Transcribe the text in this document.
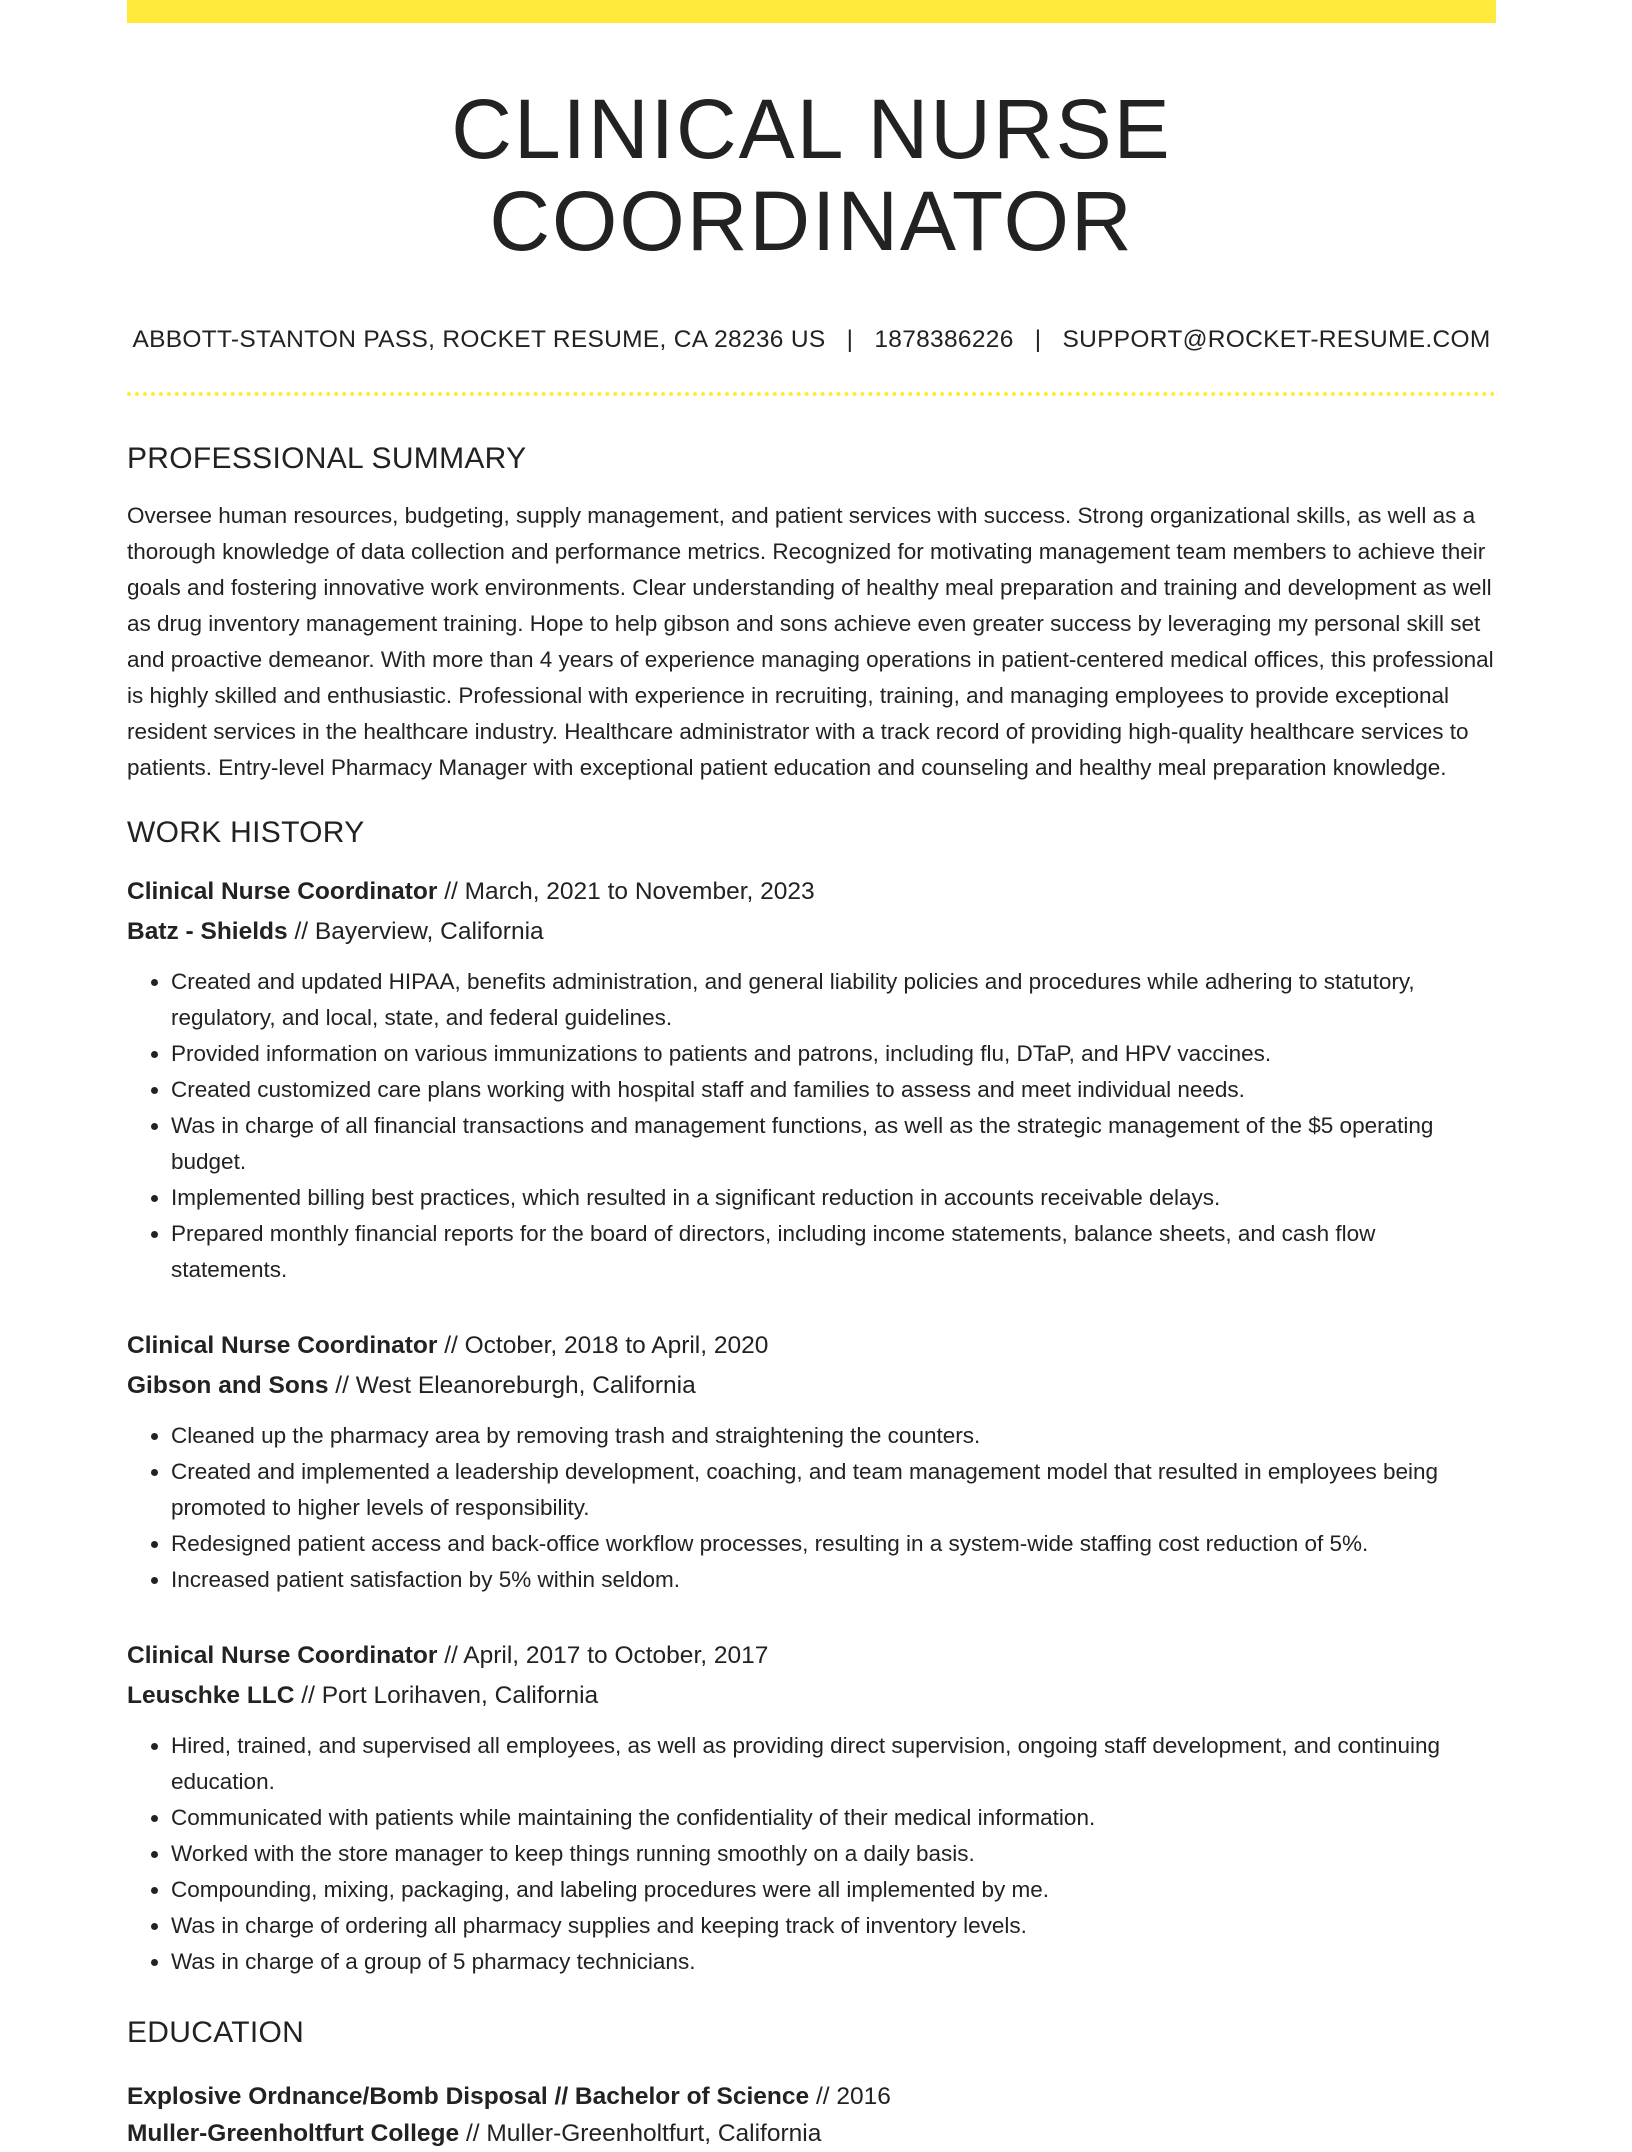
CLINICAL NURSE COORDINATOR
ABBOTT-STANTON PASS, ROCKET RESUME, CA 28236 US | 1878386226 | SUPPORT@ROCKET-RESUME.COM
PROFESSIONAL SUMMARY
Oversee human resources, budgeting, supply management, and patient services with success. Strong organizational skills, as well as a thorough knowledge of data collection and performance metrics. Recognized for motivating management team members to achieve their goals and fostering innovative work environments. Clear understanding of healthy meal preparation and training and development as well as drug inventory management training. Hope to help gibson and sons achieve even greater success by leveraging my personal skill set and proactive demeanor. With more than 4 years of experience managing operations in patient-centered medical offices, this professional is highly skilled and enthusiastic. Professional with experience in recruiting, training, and managing employees to provide exceptional resident services in the healthcare industry. Healthcare administrator with a track record of providing high-quality healthcare services to patients. Entry-level Pharmacy Manager with exceptional patient education and counseling and healthy meal preparation knowledge.
WORK HISTORY
Clinical Nurse Coordinator // March, 2021 to November, 2023
Batz - Shields // Bayerview, California
• Created and updated HIPAA, benefits administration, and general liability policies and procedures while adhering to statutory, regulatory, and local, state, and federal guidelines.
• Provided information on various immunizations to patients and patrons, including flu, DTaP, and HPV vaccines.
• Created customized care plans working with hospital staff and families to assess and meet individual needs.
• Was in charge of all financial transactions and management functions, as well as the strategic management of the $5 operating budget.
• Implemented billing best practices, which resulted in a significant reduction in accounts receivable delays.
• Prepared monthly financial reports for the board of directors, including income statements, balance sheets, and cash flow statements.
Clinical Nurse Coordinator // October, 2018 to April, 2020
Gibson and Sons // West Eleanoreburgh, California
• Cleaned up the pharmacy area by removing trash and straightening the counters.
• Created and implemented a leadership development, coaching, and team management model that resulted in employees being promoted to higher levels of responsibility.
• Redesigned patient access and back-office workflow processes, resulting in a system-wide staffing cost reduction of 5%.
• Increased patient satisfaction by 5% within seldom.
Clinical Nurse Coordinator // April, 2017 to October, 2017
Leuschke LLC // Port Lorihaven, California
• Hired, trained, and supervised all employees, as well as providing direct supervision, ongoing staff development, and continuing education.
• Communicated with patients while maintaining the confidentiality of their medical information.
• Worked with the store manager to keep things running smoothly on a daily basis.
• Compounding, mixing, packaging, and labeling procedures were all implemented by me.
• Was in charge of ordering all pharmacy supplies and keeping track of inventory levels.
• Was in charge of a group of 5 pharmacy technicians.
EDUCATION
Explosive Ordnance/Bomb Disposal // Bachelor of Science // 2016
Muller-Greenholtfurt College // Muller-Greenholtfurt, California
